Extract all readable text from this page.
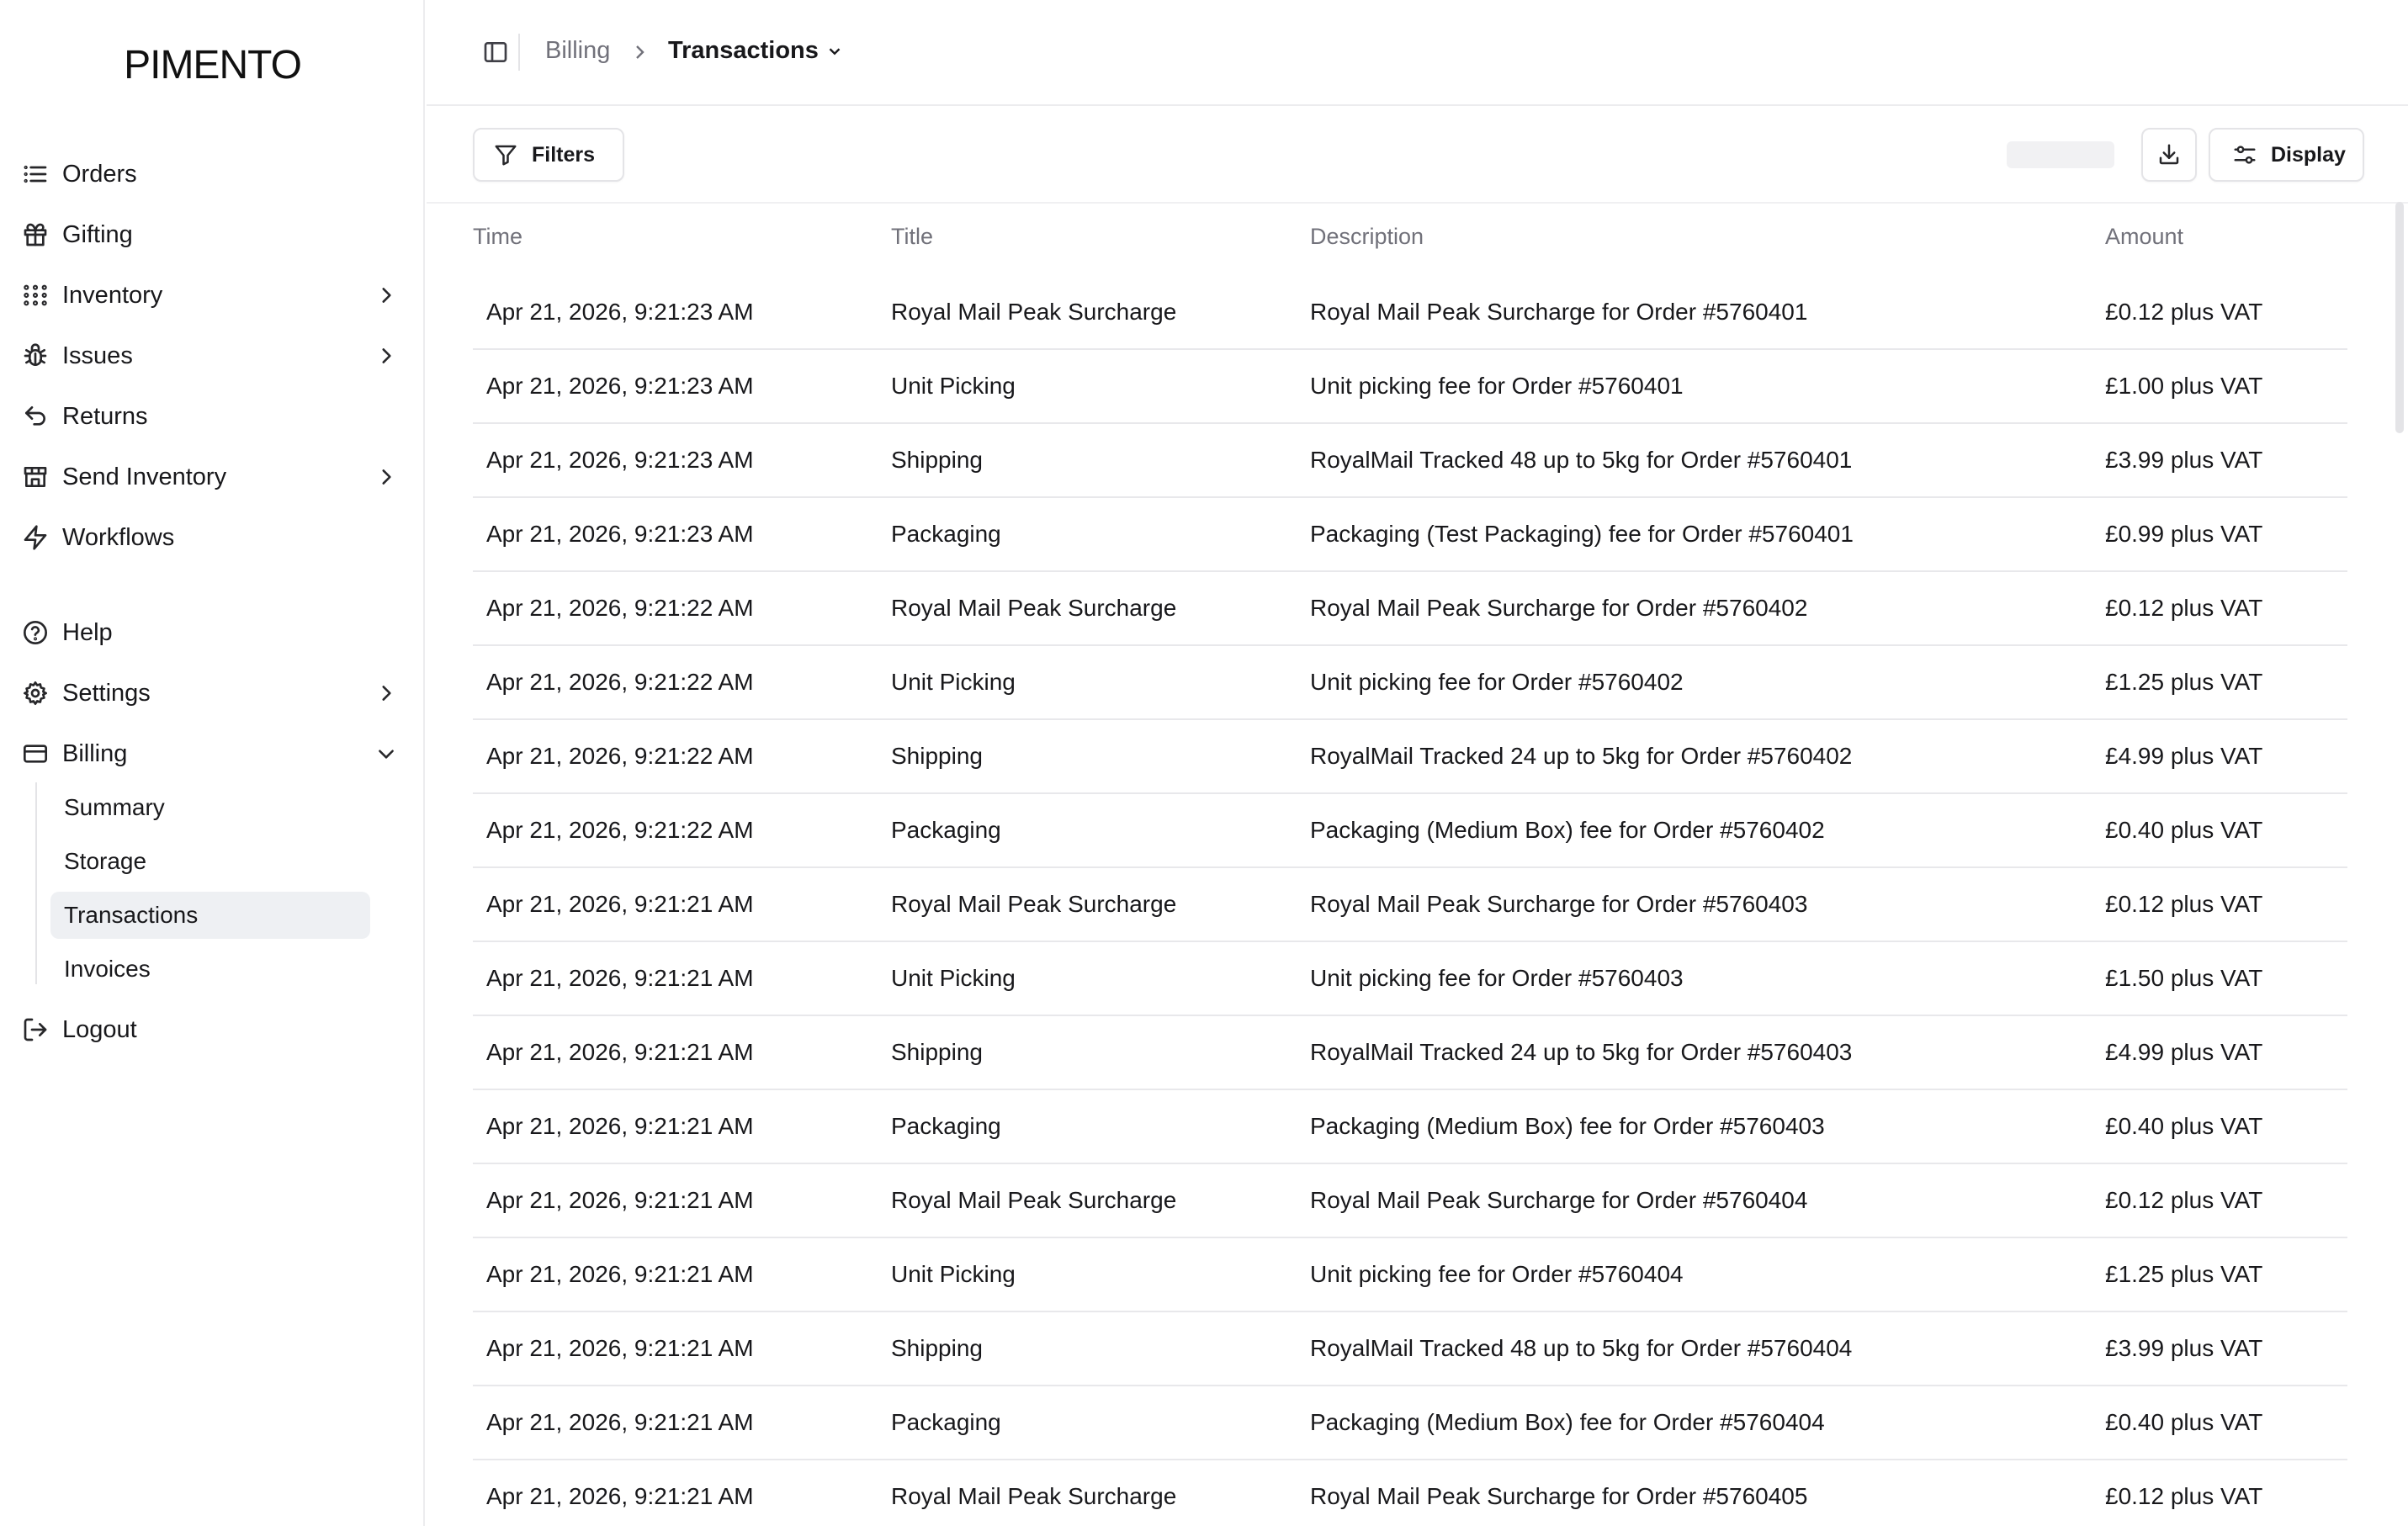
PIMENTO
Orders
Gifting
Inventory
Issues
Returns
Send Inventory
Workflows
Help
Settings
Billing
Summary
Storage
Transactions
Invoices
Logout
Billing Transactions
Filters	Display
Time	Title	Description	Amount
Apr 21, 2026, 9:21:23 AM	Royal Mail Peak Surcharge	Royal Mail Peak Surcharge for Order #5760401	£0.12 plus VAT
Apr 21, 2026, 9:21:23 AM	Unit Picking	Unit picking fee for Order #5760401	£1.00 plus VAT
Apr 21, 2026, 9:21:23 AM	Shipping	RoyalMail Tracked 48 up to 5kg for Order #5760401	£3.99 plus VAT
Apr 21, 2026, 9:21:23 AM	Packaging	Packaging (Test Packaging) fee for Order #5760401	£0.99 plus VAT
Apr 21, 2026, 9:21:22 AM	Royal Mail Peak Surcharge	Royal Mail Peak Surcharge for Order #5760402	£0.12 plus VAT
Apr 21, 2026, 9:21:22 AM	Unit Picking	Unit picking fee for Order #5760402	£1.25 plus VAT
Apr 21, 2026, 9:21:22 AM	Shipping	RoyalMail Tracked 24 up to 5kg for Order #5760402	£4.99 plus VAT
Apr 21, 2026, 9:21:22 AM	Packaging	Packaging (Medium Box) fee for Order #5760402	£0.40 plus VAT
Apr 21, 2026, 9:21:21 AM	Royal Mail Peak Surcharge	Royal Mail Peak Surcharge for Order #5760403	£0.12 plus VAT
Apr 21, 2026, 9:21:21 AM	Unit Picking	Unit picking fee for Order #5760403	£1.50 plus VAT
Apr 21, 2026, 9:21:21 AM	Shipping	RoyalMail Tracked 24 up to 5kg for Order #5760403	£4.99 plus VAT
Apr 21, 2026, 9:21:21 AM	Packaging	Packaging (Medium Box) fee for Order #5760403	£0.40 plus VAT
Apr 21, 2026, 9:21:21 AM	Royal Mail Peak Surcharge	Royal Mail Peak Surcharge for Order #5760404	£0.12 plus VAT
Apr 21, 2026, 9:21:21 AM	Unit Picking	Unit picking fee for Order #5760404	£1.25 plus VAT
Apr 21, 2026, 9:21:21 AM	Shipping	RoyalMail Tracked 48 up to 5kg for Order #5760404	£3.99 plus VAT
Apr 21, 2026, 9:21:21 AM	Packaging	Packaging (Medium Box) fee for Order #5760404	£0.40 plus VAT
Apr 21, 2026, 9:21:21 AM	Royal Mail Peak Surcharge	Royal Mail Peak Surcharge for Order #5760405	£0.12 plus VAT
